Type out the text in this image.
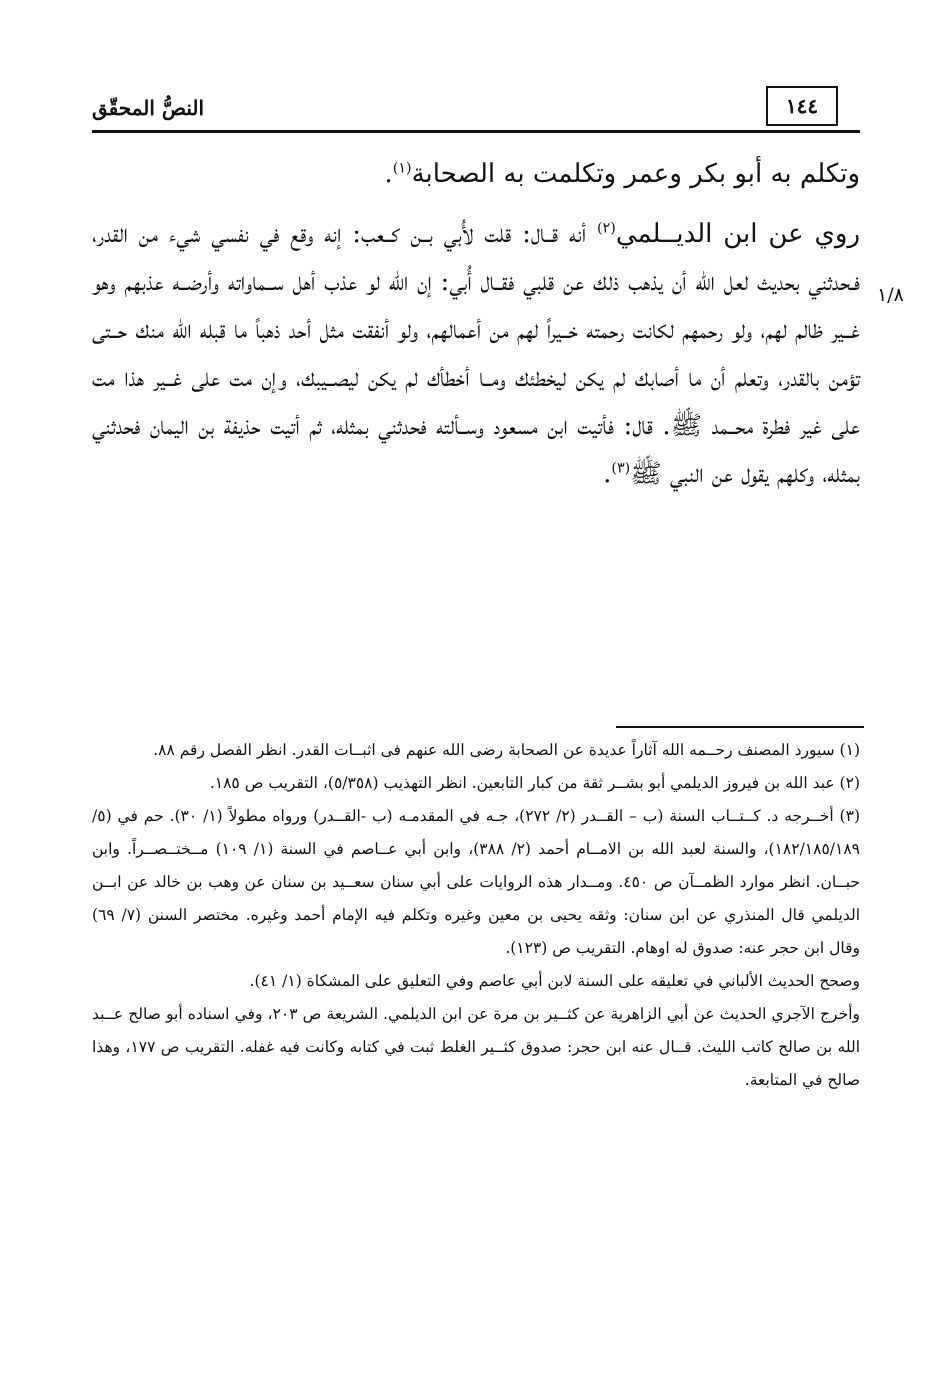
النصُّ المحقّق	١٤٤
١/٨

وتكلم به أبو بكر وعمر وتكلمت به الصحابة$^{(١)}$.

روي عن ابن الديــلمي$^{(٢)}$ أنه قــال: قلت لأُبي بــن كــعب: إنه وقع في نفسي شيء من القدر، فـحدثني بحديث لعل الله أن يذهب ذلك عن قلبي فقــال أُبي: إن الله لو عذب أهل ســماواته وأرضــه عذبهم وهو غــير ظالم لهم، ولو رحمهم لكانت رحمته خــيراً لهم من أعمالهم، ولو أنفقت مثل أحد ذهباً ما قبله الله منك حــتى تؤمن بالقدر، وتعلم أن ما أصابك لم يكن ليخطئك ومــا أخطأك لم يكن ليصــيبك، وإن مت على غــير هذا مت على غير فطرة محــمد ﷺ. قال: فأتيت ابن مسعود وســألته فحدثني بمثله، ثم أتيت حذيفة بن اليمان فحدثني بمثله، وكلهم يقول عن النبي ﷺ$^{(٣)}$.

(١) سيورد المصنف رحــمه الله آثاراً عديدة عن الصحابة رضى الله عنهم فى اثبــات القدر. انظر الفصل رقم ٨٨.

(٢) عبد الله بن فيروز الديلمي أبو بشــر ثقة من كبار التابعين. انظر التهذيب (٥/٣٥٨)، التقريب ص ١٨٥.

(٣) أخــرجه د. كــتــاب السنة (ب – القــدر (٢/ ٢٧٢)، جـه في المقدمـه (ب -القــدر) ورواه مطولاً (١/ ٣٠). حم في (٥/ ١٨٢/١٨٥/١٨٩)، والسنة لعبد الله بن الامــام أحمد (٢/ ٣٨٨)، وابن أبي عــاصم في السنة (١/ ١٠٩) مــختــصــراً. وابن حبــان. انظر موارد الظمــآن ص ٤٥٠. ومــدار هذه الروايات على أبي سنان سعــيد بن سنان عن وهب بن خالد عن ابــن الديلمي قال المنذري عن ابن سنان: وثقه يحيى بن معين وغيره وتكلم فيه الإمام أحمد وغيره. مختصر السنن (٧/ ٦٩) وقال ابن حجر عنه: صدوق له اوهام. التقريب ص (١٢٣).

وصحح الحديث الألباني في تعليقه على السنة لابن أبي عاصم وفي التعليق على المشكاة (١/ ٤١).

وأخرج الآجري الحديث عن أبي الزاهرية عن كثــير بن مرة عن ابن الديلمي. الشريعة ص ٢٠٣، وفي اسناده أبو صالح عــبد الله بن صالح كاتب الليث. قــال عنه ابن حجر: صدوق كثــير الغلط ثبت في كتابه وكانت فيه غفله. التقريب ص ١٧٧، وهذا صالح في المتابعة.
